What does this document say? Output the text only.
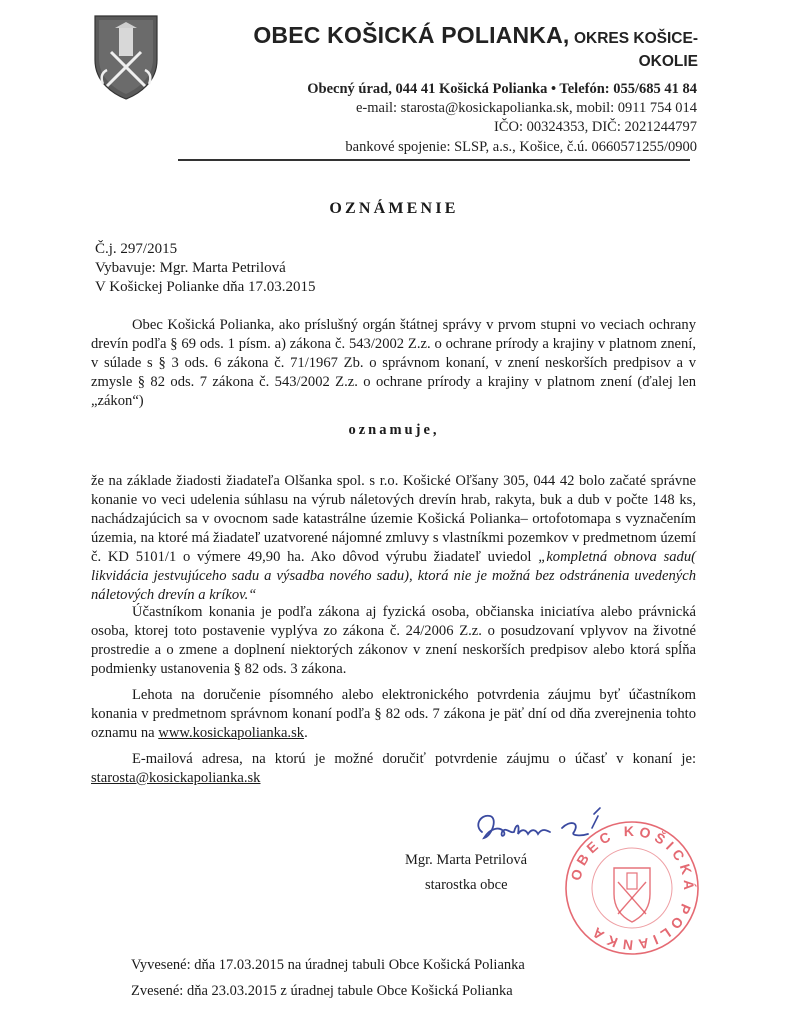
OBEC KOŠICKÁ POLIANKA, OKRES KOŠICE-
OKOLIE
Obecný úrad, 044 41 Košická Polianka • Telefón: 055/685 41 84
e-mail: starosta@kosickapolianka.sk, mobil: 0911 754 014
IČO: 00324353, DIČ: 2021244797
bankové spojenie: SLSP, a.s., Košice, č.ú. 0660571255/0900
OZNÁMENIE
Č.j. 297/2015
Vybavuje: Mgr. Marta Petrilová
V Košickej Polianke dňa 17.03.2015
Obec Košická Polianka, ako príslušný orgán štátnej správy v prvom stupni vo veciach ochrany drevín podľa § 69 ods. 1 písm. a) zákona č. 543/2002 Z.z. o ochrane prírody a krajiny v platnom znení, v súlade s § 3 ods. 6 zákona č. 71/1967 Zb. o správnom konaní, v znení neskorších predpisov a v zmysle § 82 ods. 7 zákona č. 543/2002 Z.z. o ochrane prírody a krajiny v platnom znení (ďalej len „zákon“)
oznamuje,
že na základe žiadosti žiadateľa Olšanka spol. s r.o. Košické Oľšany 305, 044 42 bolo začaté správne konanie vo veci udelenia súhlasu na výrub náletových drevín hrab, rakyta, buk a dub v počte 148 ks, nachádzajúcich sa v ovocnom sade katastrálne územie Košická Polianka– ortofotomapa s vyznačením územia, na ktoré má žiadateľ uzatvorené nájomné zmluvy s vlastníkmi pozemkov v predmetnom území č. KD 5101/1 o výmere 49,90 ha. Ako dôvod výrubu žiadateľ uviedol „kompletná obnova sadu( likvidácia jestvujúceho sadu a výsadba nového sadu), ktorá nie je možná bez odstránenia uvedených náletových drevín a kríkov.“
Účastníkom konania je podľa zákona aj fyzická osoba, občianska iniciatíva alebo právnická osoba, ktorej toto postavenie vyplýva zo zákona č. 24/2006 Z.z. o posudzovaní vplyvov na životné prostredie a o zmene a doplnení niektorých zákonov v znení neskorších predpisov alebo ktorá spĺňa podmienky ustanovenia § 82 ods. 3 zákona.
Lehota na doručenie písomného alebo elektronického potvrdenia záujmu byť účastníkom konania v predmetnom správnom konaní podľa § 82 ods. 7 zákona je päť dní od dňa zverejnenia tohto oznamu na www.kosickapolianka.sk.
E-mailová adresa, na ktorú je možné doručiť potvrdenie záujmu o účasť v konaní je: starosta@kosickapolianka.sk
Mgr. Marta Petrilová
starostka obce
OBEC KOŠICKÁ POLIANKA
Vyvesené: dňa 17.03.2015 na úradnej tabuli Obce Košická Polianka
Zvesené: dňa 23.03.2015 z úradnej tabule Obce Košická Polianka
